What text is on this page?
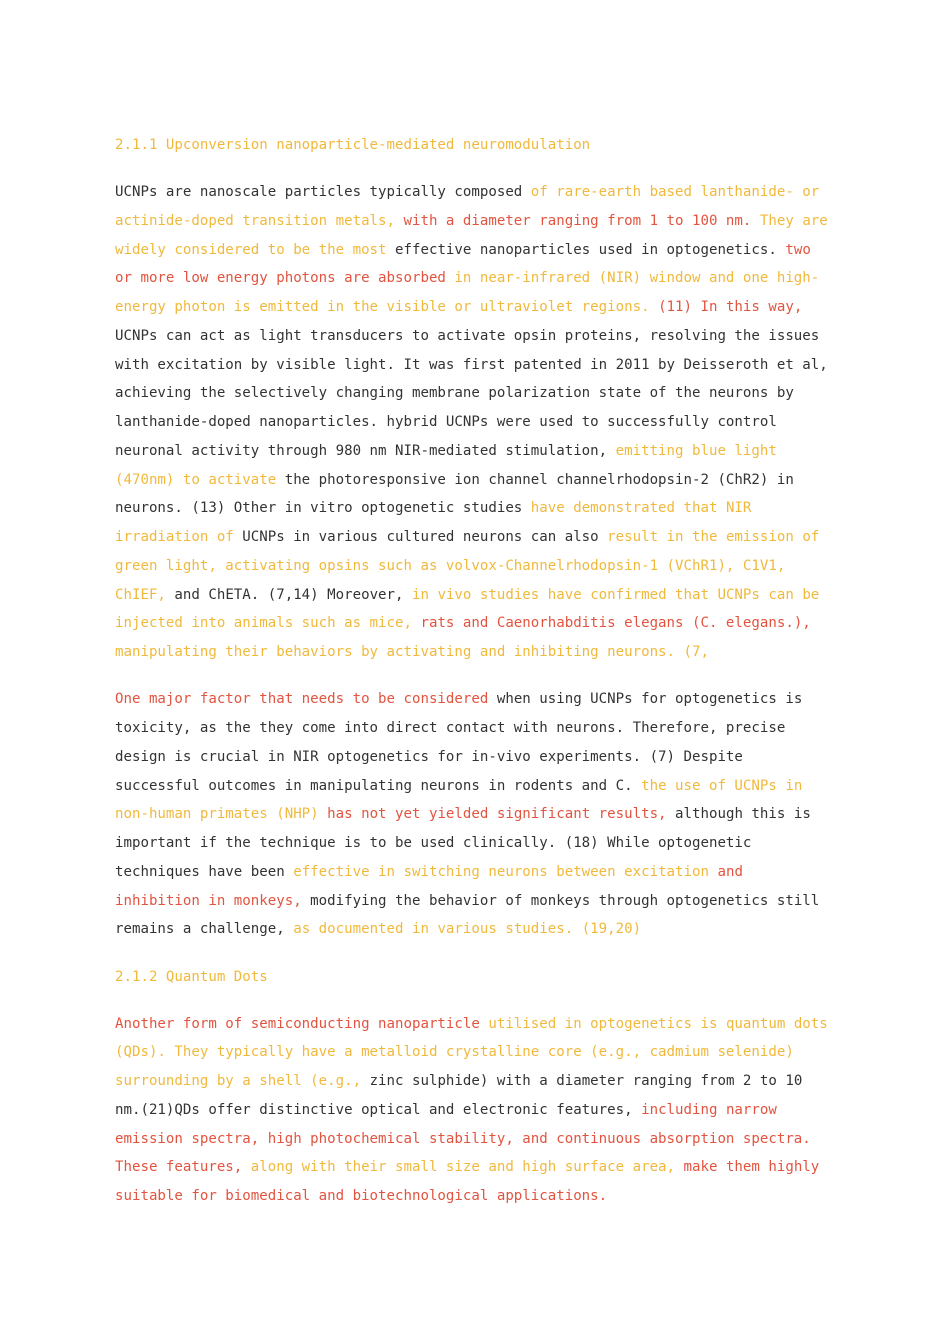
2.1.1 Upconversion nanoparticle-mediated neuromodulation
UCNPs are nanoscale particles typically composed of rare-earth based lanthanide- or actinide-doped transition metals, with a diameter ranging from 1 to 100 nm. They are widely considered to be the most effective nanoparticles used in optogenetics. two or more low energy photons are absorbed in near-infrared (NIR) window and one high-energy photon is emitted in the visible or ultraviolet regions. (11) In this way, UCNPs can act as light transducers to activate opsin proteins, resolving the issues with excitation by visible light. It was first patented in 2011 by Deisseroth et al, achieving the selectively changing membrane polarization state of the neurons by lanthanide-doped nanoparticles. hybrid UCNPs were used to successfully control neuronal activity through 980 nm NIR-mediated stimulation, emitting blue light (470nm) to activate the photoresponsive ion channel channelrhodopsin-2 (ChR2) in neurons. (13) Other in vitro optogenetic studies have demonstrated that NIR irradiation of UCNPs in various cultured neurons can also result in the emission of green light, activating opsins such as volvox-Channelrhodopsin-1 (VChR1), C1V1, ChIEF, and ChETA. (7,14) Moreover, in vivo studies have confirmed that UCNPs can be injected into animals such as mice, rats and Caenorhabditis elegans (C. elegans.), manipulating their behaviors by activating and inhibiting neurons. (7,
One major factor that needs to be considered when using UCNPs for optogenetics is toxicity, as the they come into direct contact with neurons. Therefore, precise design is crucial in NIR optogenetics for in-vivo experiments. (7) Despite successful outcomes in manipulating neurons in rodents and C. the use of UCNPs in non-human primates (NHP) has not yet yielded significant results, although this is important if the technique is to be used clinically. (18) While optogenetic techniques have been effective in switching neurons between excitation and inhibition in monkeys, modifying the behavior of monkeys through optogenetics still remains a challenge, as documented in various studies. (19,20)
2.1.2 Quantum Dots
Another form of semiconducting nanoparticle utilised in optogenetics is quantum dots (QDs). They typically have a metalloid crystalline core (e.g., cadmium selenide) surrounding by a shell (e.g., zinc sulphide) with a diameter ranging from 2 to 10 nm.(21)QDs offer distinctive optical and electronic features, including narrow emission spectra, high photochemical stability, and continuous absorption spectra. These features, along with their small size and high surface area, make them highly suitable for biomedical and biotechnological applications.
